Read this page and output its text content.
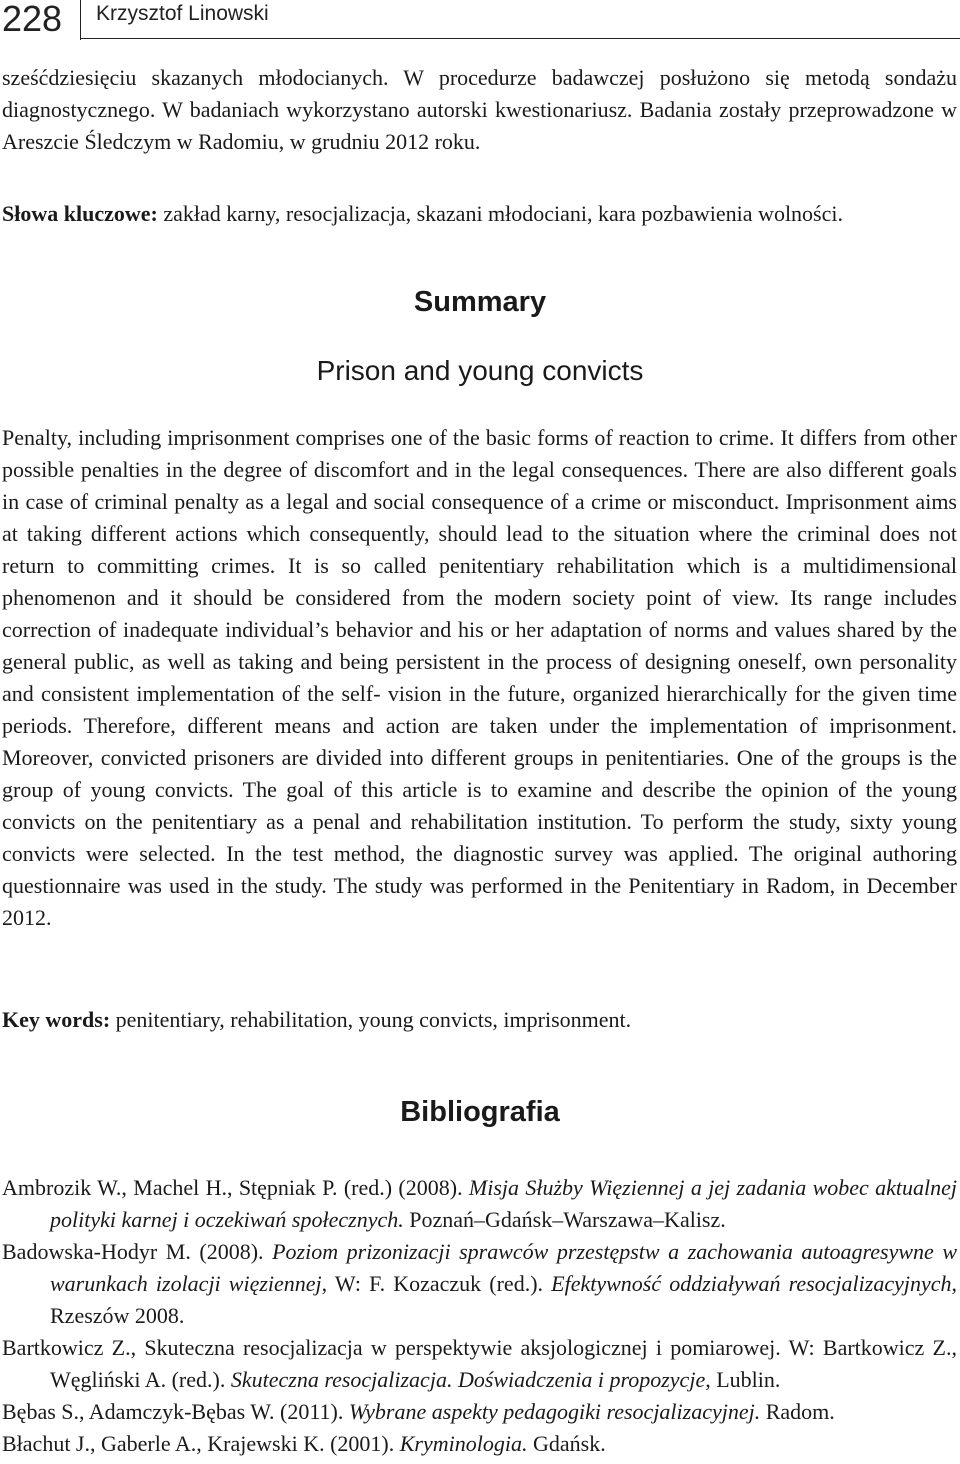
228 Krzysztof Linowski

sześćdziesięciu skazanych młodocianych. W procedurze badawczej posłużono się metodą sondażu diagnostycznego. W badaniach wykorzystano autorski kwestionariusz. Badania zostały przeprowadzone w Areszcie Śledczym w Radomiu, w grudniu 2012 roku.

Słowa kluczowe: zakład karny, resocjalizacja, skazani młodociani, kara pozbawienia wolności.

Summary
Prison and young convicts

Penalty, including imprisonment comprises one of the basic forms of reaction to crime. It differs from other possible penalties in the degree of discomfort and in the legal consequences. There are also different goals in case of criminal penalty as a legal and social consequence of a crime or misconduct. Imprisonment aims at taking different actions which consequently, should lead to the situation where the criminal does not return to committing crimes. It is so called penitentiary rehabilitation which is a multidimensional phenomenon and it should be considered from the modern society point of view. Its range includes correction of inadequate individual’s behavior and his or her adaptation of norms and values shared by the general public, as well as taking and being persistent in the process of designing oneself, own personality and consistent implementation of the self- vision in the future, organized hierarchically for the given time periods. Therefore, different means and action are taken under the implementation of imprisonment. Moreover, convicted prisoners are divided into different groups in penitentiaries. One of the groups is the group of young convicts. The goal of this article is to examine and describe the opinion of the young convicts on the penitentiary as a penal and rehabilitation institution. To perform the study, sixty young convicts were selected. In the test method, the diagnostic survey was applied. The original authoring questionnaire was used in the study. The study was performed in the Penitentiary in Radom, in December 2012.

Key words: penitentiary, rehabilitation, young convicts, imprisonment.

Bibliografia

Ambrozik W., Machel H., Stępniak P. (red.) (2008). Misja Służby Więziennej a jej zadania wobec aktualnej polityki karnej i oczekiwań społecznych. Poznań–Gdańsk–Warszawa–Kalisz.

Badowska-Hodyr M. (2008). Poziom prizonizacji sprawców przestępstw a zachowania autoagresywne w warunkach izolacji więziennej, W: F. Kozaczuk (red.). Efektywność oddziaływań resocjalizacyjnych, Rzeszów 2008.

Bartkowicz Z., Skuteczna resocjalizacja w perspektywie aksjologicznej i pomiarowej. W: Bartkowicz Z., Węgliński A. (red.). Skuteczna resocjalizacja. Doświadczenia i propozycje, Lublin.

Bębas S., Adamczyk-Bębas W. (2011). Wybrane aspekty pedagogiki resocjalizacyjnej. Radom.

Błachut J., Gaberle A., Krajewski K. (2001). Kryminologia. Gdańsk.
